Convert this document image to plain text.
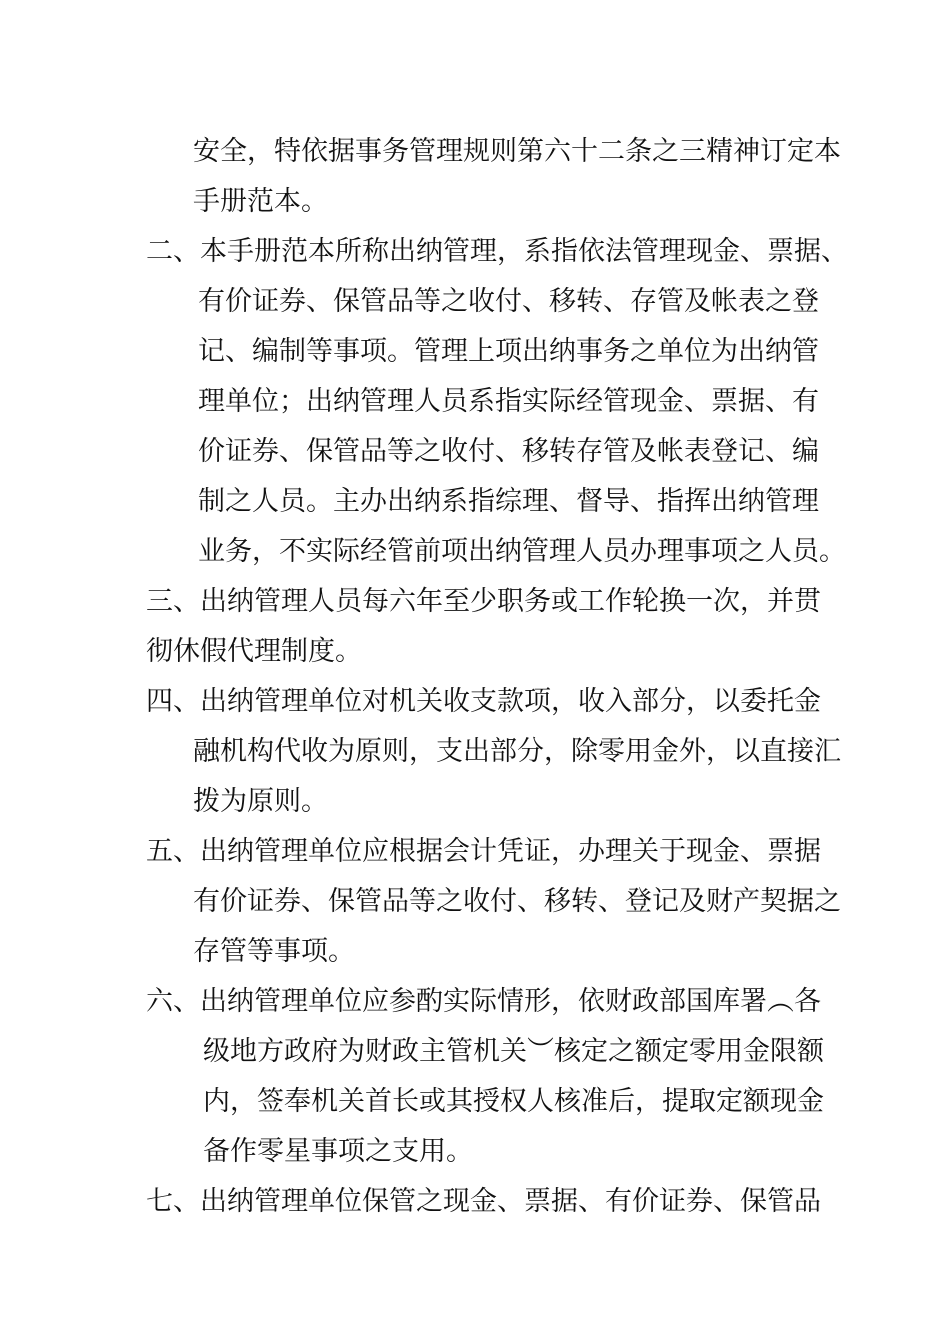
安全，特依据事务管理规则第六十二条之三精神订定本
手册范本。
二、本手册范本所称出纳管理，系指依法管理现金、票据、
有价证券、保管品等之收付、移转、存管及帐表之登
记、编制等事项。管理上项出纳事务之单位为出纳管
理单位；出纳管理人员系指实际经管现金、票据、有
价证券、保管品等之收付、移转存管及帐表登记、编
制之人员。主办出纳系指综理、督导、指挥出纳管理
业务，不实际经管前项出纳管理人员办理事项之人员。
三、出纳管理人员每六年至少职务或工作轮换一次，并贯
彻休假代理制度。
四、出纳管理单位对机关收支款项，收入部分，以委托金
融机构代收为原则，支出部分，除零用金外，以直接汇
拨为原则。
五、出纳管理单位应根据会计凭证，办理关于现金、票据
有价证券、保管品等之收付、移转、登记及财产契据之
存管等事项。
六、出纳管理单位应参酌实际情形，依财政部国库署︵各
级地方政府为财政主管机关︶核定之额定零用金限额
内，签奉机关首长或其授权人核准后，提取定额现金
备作零星事项之支用。
七、出纳管理单位保管之现金、票据、有价证券、保管品
